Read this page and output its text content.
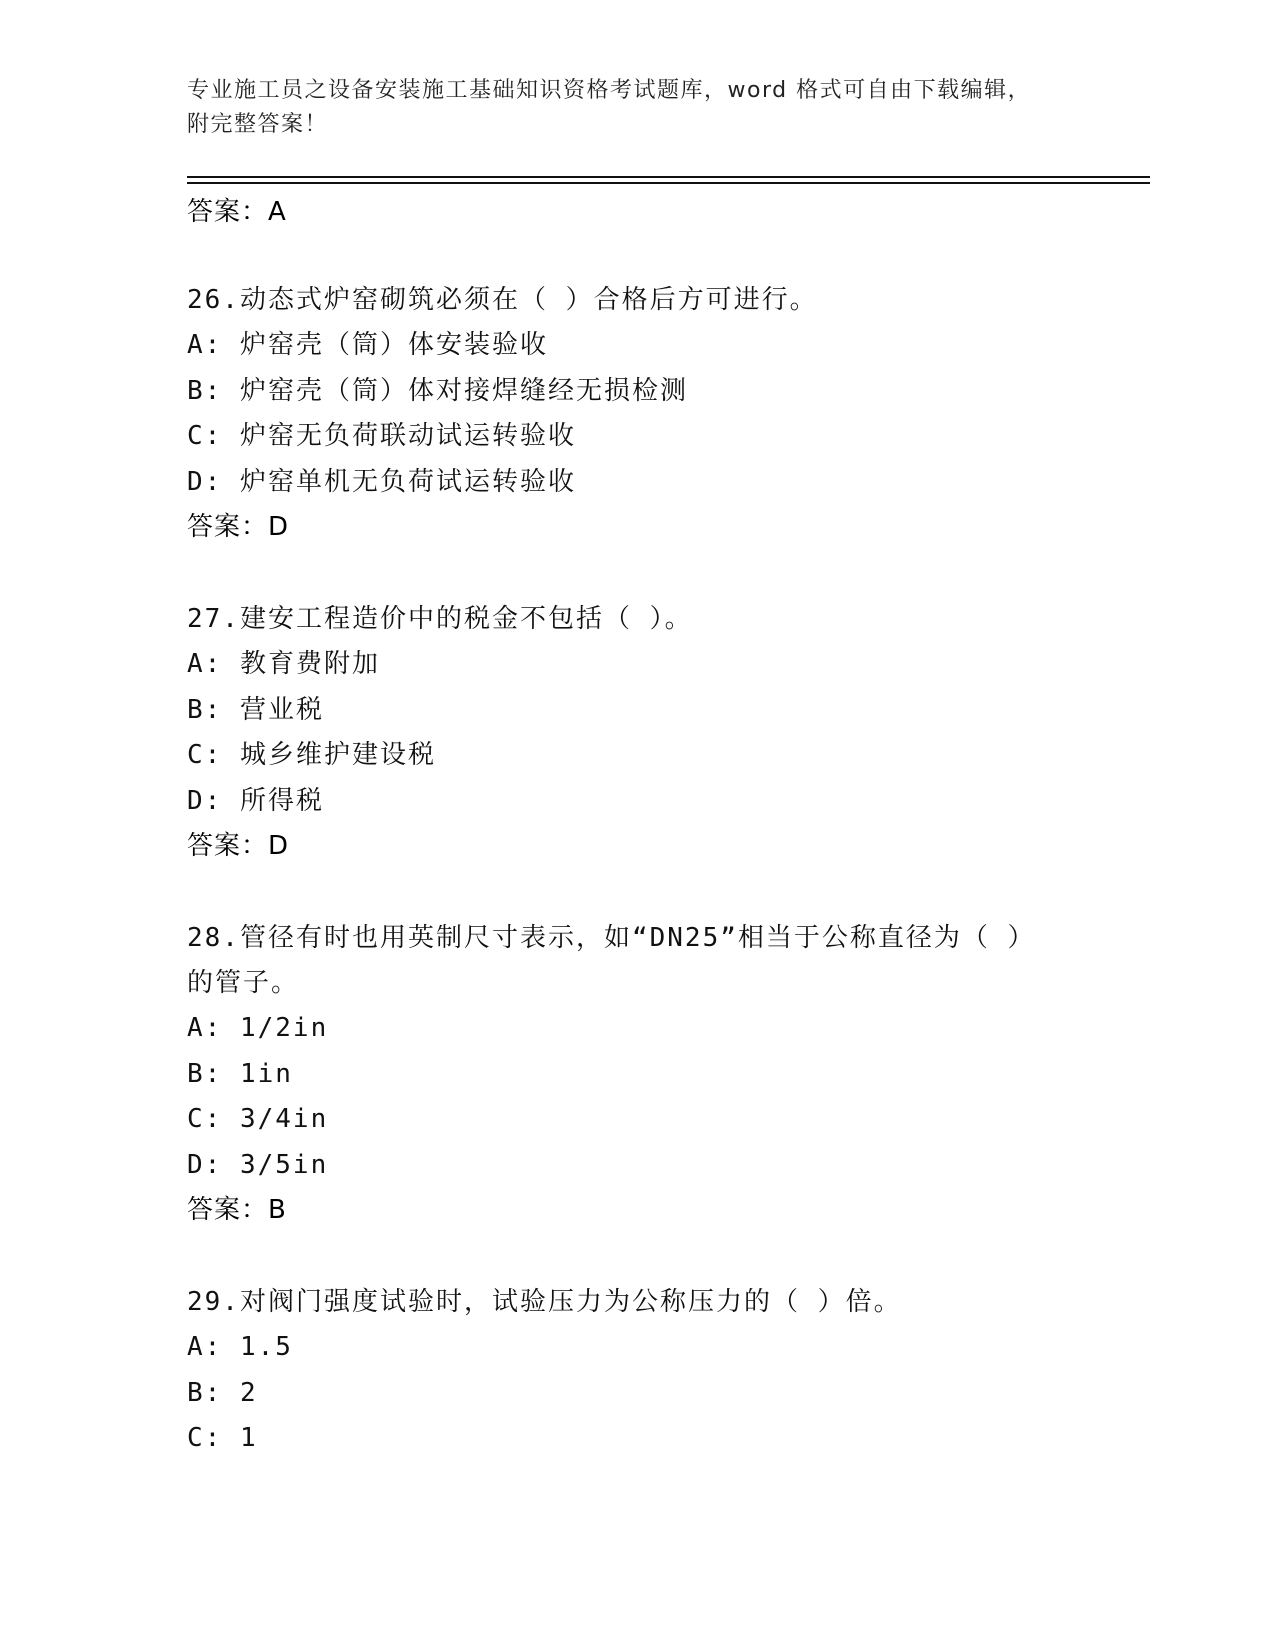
专业施工员之设备安装施工基础知识资格考试题库，word 格式可自由下载编辑，
附完整答案！
答案：A
26.动态式炉窑砌筑必须在（ ）合格后方可进行。
A: 炉窑壳（筒）体安装验收
B: 炉窑壳（筒）体对接焊缝经无损检测
C: 炉窑无负荷联动试运转验收
D: 炉窑单机无负荷试运转验收
答案：D
27.建安工程造价中的税金不包括（ ）。
A: 教育费附加
B: 营业税
C: 城乡维护建设税
D: 所得税
答案：D
28.管径有时也用英制尺寸表示，如“DN25”相当于公称直径为（ ）的管子。
A: 1/2in
B: 1in
C: 3/4in
D: 3/5in
答案：B
29.对阀门强度试验时，试验压力为公称压力的（ ）倍。
A: 1.5
B: 2
C: 1
